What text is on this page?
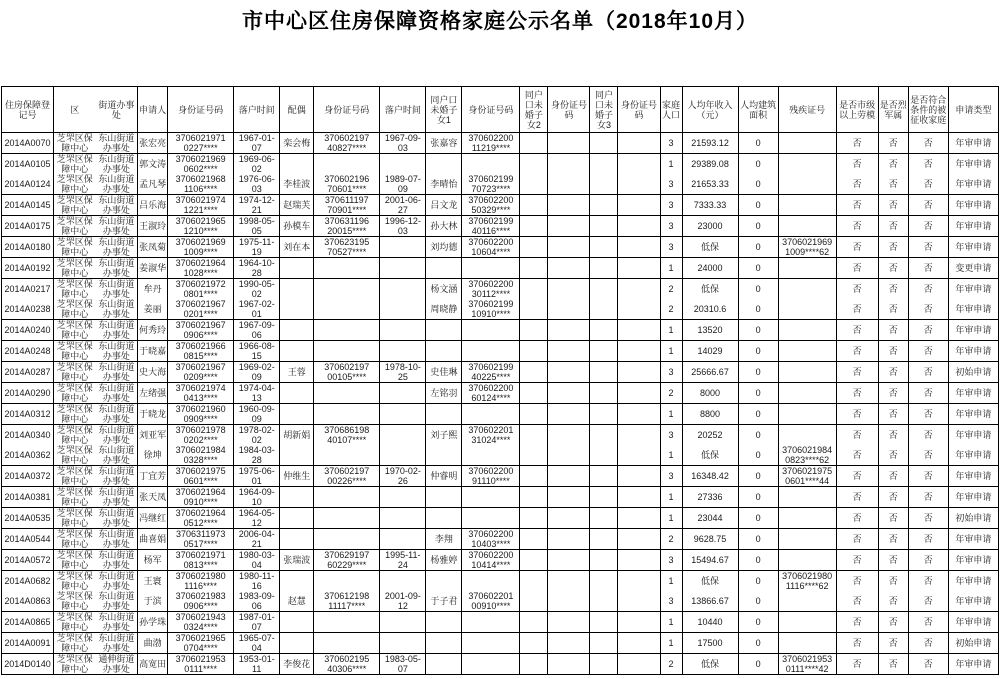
市中心区住房保障资格家庭公示名单（2018年10月）
住房保障登记号	区	街道办事处	申请人	身份证号码	落户时间	配偶	身份证号码	落户时间	同户口未婚子女1	身份证号码	同户口未婚子女2	身份证号码	同户口未婚子女3	身份证号码	家庭人口	人均年收入（元）	人均建筑面积	残疾证号	是否市级以上劳模	是否烈军属	是否符合条件的被征收家庭	申请类型
2014A0070	芝罘区保障中心	东山街道办事处	张宏亮	3706021971 0227****	1967-01-07	栾会梅	370602197 40827****	1967-09-03	张嘉容	370602200 11219****					3	21593.12	0		否	否	否	年审申请
2014A0105	芝罘区保障中心	东山街道办事处	郭文涛	3706021969 0602****	1969-06-02										1	29389.08	0		否	否	否	年审申请
2014A0124	芝罘区保障中心	东山街道办事处	孟凡琴	3706021968 1106****	1976-06-03	李桂波	370602196 70601****	1989-07-09	李晴怡	370602199 70723****					3	21653.33	0		否	否	否	年审申请
2014A0145	芝罘区保障中心	东山街道办事处	吕乐海	3706021974 1221****	1974-12-21	赵瑞芙	370611197 70901****	2001-06-27	吕文龙	370602200 50329****					3	7333.33	0		否	否	否	年审申请
2014A0175	芝罘区保障中心	东山街道办事处	王淑玲	3706021965 1210****	1998-05-05	孙模车	370631196 20015****	1996-12-03	孙大林	370602199 40116****					3	23000	0		否	否	否	年审申请
2014A0180	芝罘区保障中心	东山街道办事处	张凤菊	3706021969 1009****	1975-11-19	刘在本	370623195 70527****		刘均德	370602200 10604****					3	低保	0	3706021969 1009****62	否	否	否	年审申请
2014A0192	芝罘区保障中心	东山街道办事处	姜淑华	3706021964 1028****	1964-10-28										1	24000	0		否	否	否	变更申请
2014A0217	芝罘区保障中心	东山街道办事处	牟丹	3706021972 0801****	1990-05-02				杨文涵	370602200 30112****					2	低保	0		否	否	否	年审申请
2014A0238	芝罘区保障中心	东山街道办事处	姜丽	3706021967 0201****	1967-02-01				周晓静	370602199 10910****					2	20310.6	0		否	否	否	年审申请
2014A0240	芝罘区保障中心	东山街道办事处	何秀玲	3706021967 0906****	1967-09-06										1	13520	0		否	否	否	年审申请
2014A0248	芝罘区保障中心	东山街道办事处	于晓嘉	3706021966 0815****	1966-08-15										1	14029	0		否	否	否	年审申请
2014A0287	芝罘区保障中心	东山街道办事处	史大海	3706021967 0209****	1969-02-09	王蓉	370602197 00105****	1978-10-25	史佳琳	370602199 40225****					3	25666.67	0		否	否	否	初始申请
2014A0290	芝罘区保障中心	东山街道办事处	左绪强	3706021974 0413****	1974-04-13				左铭羽	370602200 60124****					2	8000	0		否	否	否	年审申请
2014A0312	芝罘区保障中心	东山街道办事处	于晓龙	3706021960 0909****	1960-09-09										1	8800	0		否	否	否	年审申请
2014A0340	芝罘区保障中心	东山街道办事处	刘亚军	3706021978 0202****	1978-02-02	胡新娟	370686198 40107****		刘子熙	370602201 31024****					3	20252	0		否	否	否	年审申请
2014A0362	芝罘区保障中心	东山街道办事处	徐坤	3706021984 0328****	1984-03-28										1	低保	0	3706021984 0823****62	否	否	否	年审申请
2014A0372	芝罘区保障中心	东山街道办事处	丁宜芳	3706021975 0601****	1975-06-01	仲维生	370602197 00226****	1970-02-26	仲睿明	370602200 91110****					3	16348.42	0	3706021975 0601****44	否	否	否	年审申请
2014A0381	芝罘区保障中心	东山街道办事处	张天凤	3706021964 0910****	1964-09-10										1	27336	0		否	否	否	年审申请
2014A0535	芝罘区保障中心	东山街道办事处	冯继红	3706021964 0512****	1964-05-12										1	23044	0		否	否	否	初始申请
2014A0544	芝罘区保障中心	东山街道办事处	曲喜娟	3706311973 0517****	2006-04-21				李翔	370602200 10403****					2	9628.75	0		否	否	否	年审申请
2014A0572	芝罘区保障中心	东山街道办事处	杨军	3706021971 0813****	1980-03-04	张瑞波	370629197 60229****	1995-11-24	杨雅婷	370602200 10414****					3	15494.67	0		否	否	否	年审申请
2014A0682	芝罘区保障中心	东山街道办事处	王寰	3706021980 1116****	1980-11-16										1	低保	0	3706021980 1116****62	否	否	否	年审申请
2014A0863	芝罘区保障中心	东山街道办事处	于滨	3706021983 0906****	1983-09-06	赵慧	370612198 11117****	2001-09-12	于子君	370602201 00910****					3	13866.67	0		否	否	否	年审申请
2014A0865	芝罘区保障中心	东山街道办事处	孙学珠	3706021943 0324****	1987-01-07										1	10440	0		否	否	否	年审申请
2014A0091	芝罘区保障中心	东山街道办事处	曲渤	3706021965 0704****	1965-07-04										1	17500	0		否	否	否	初始申请
2014D0140	芝罘区保障中心	通伸街道办事处	高宽田	3706021953 0111****	1953-01-11	李俊花	370602195 40306****	1983-05-07							2	低保	0	3706021953 0111****42	否	否	否	年审申请
